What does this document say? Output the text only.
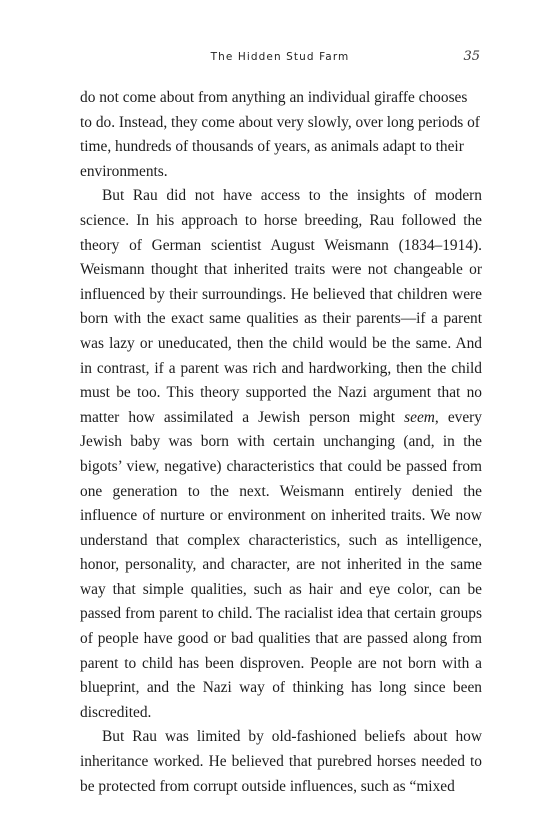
The Hidden Stud Farm	35

do not come about from anything an individual giraffe chooses to do. Instead, they come about very slowly, over long periods of time, hundreds of thousands of years, as animals adapt to their environments.

But Rau did not have access to the insights of modern science. In his approach to horse breeding, Rau followed the theory of German scientist August Weismann (1834–1914). Weismann thought that inherited traits were not changeable or influenced by their surroundings. He believed that children were born with the exact same qualities as their parents—if a parent was lazy or uneducated, then the child would be the same. And in contrast, if a parent was rich and hardworking, then the child must be too. This theory supported the Nazi argument that no matter how assimilated a Jewish person might seem, every Jewish baby was born with certain unchanging (and, in the bigots’ view, negative) characteristics that could be passed from one generation to the next. Weismann entirely denied the influence of nurture or environment on inherited traits. We now understand that complex characteristics, such as intelligence, honor, personality, and character, are not inherited in the same way that simple qualities, such as hair and eye color, can be passed from parent to child. The racialist idea that certain groups of people have good or bad qualities that are passed along from parent to child has been disproven. People are not born with a blueprint, and the Nazi way of thinking has long since been discredited.

But Rau was limited by old-fashioned beliefs about how inheritance worked. He believed that purebred horses needed to be protected from corrupt outside influences, such as “mixed
